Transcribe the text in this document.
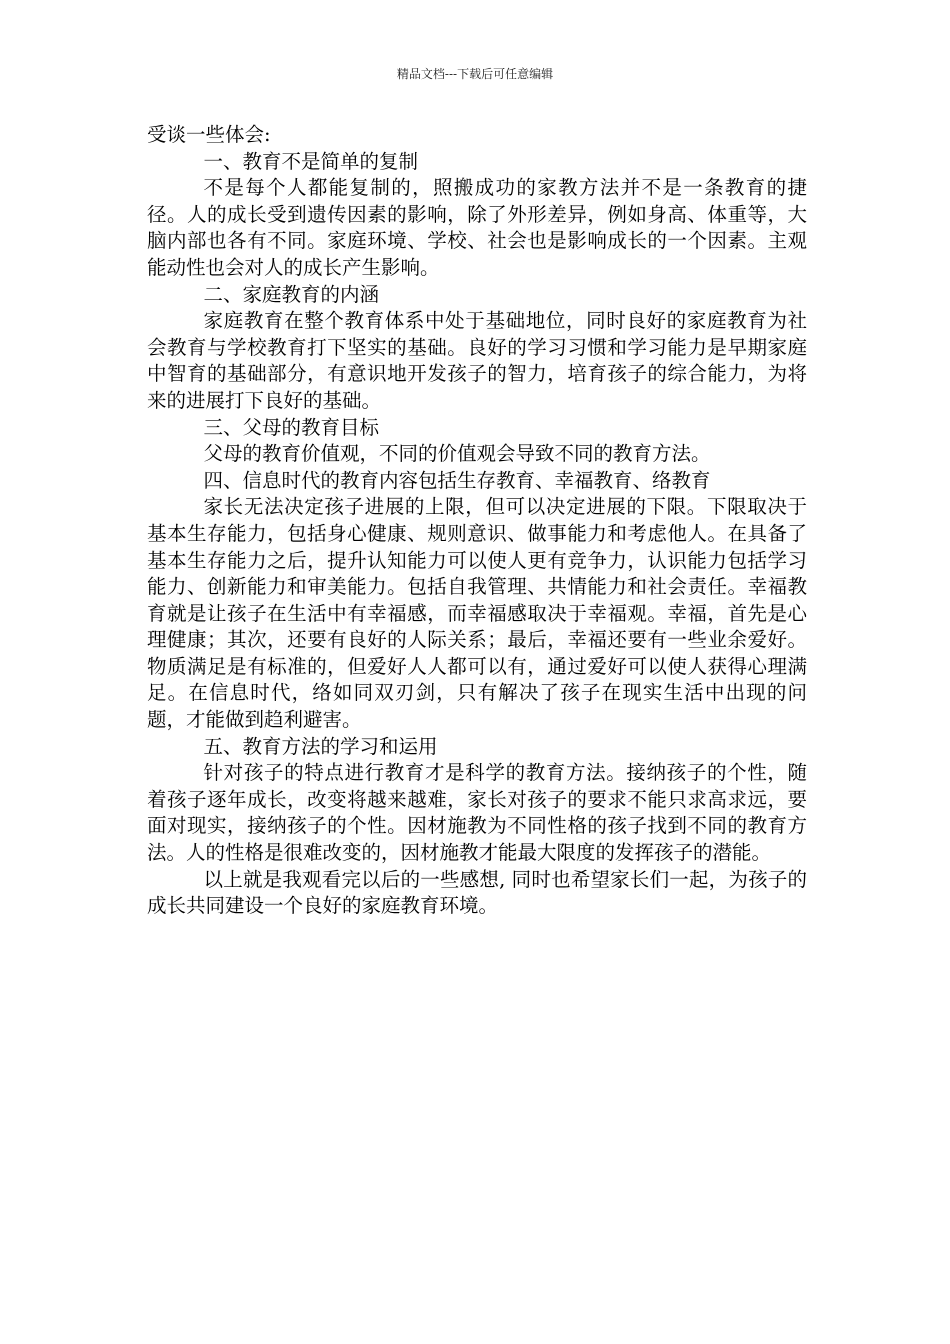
精品文档---下载后可任意编辑

受谈一些体会:

一、教育不是简单的复制

不是每个人都能复制的，照搬成功的家教方法并不是一条教育的捷径。人的成长受到遗传因素的影响，除了外形差异，例如身高、体重等，大脑内部也各有不同。家庭环境、学校、社会也是影响成长的一个因素。主观能动性也会对人的成长产生影响。

二、家庭教育的内涵

家庭教育在整个教育体系中处于基础地位，同时良好的家庭教育为社会教育与学校教育打下坚实的基础。良好的学习习惯和学习能力是早期家庭中智育的基础部分，有意识地开发孩子的智力，培育孩子的综合能力，为将来的进展打下良好的基础。

三、父母的教育目标

父母的教育价值观，不同的价值观会导致不同的教育方法。

四、信息时代的教育内容包括生存教育、幸福教育、络教育

家长无法决定孩子进展的上限，但可以决定进展的下限。下限取决于基本生存能力，包括身心健康、规则意识、做事能力和考虑他人。在具备了基本生存能力之后，提升认知能力可以使人更有竞争力，认识能力包括学习能力、创新能力和审美能力。包括自我管理、共情能力和社会责任。幸福教育就是让孩子在生活中有幸福感，而幸福感取决于幸福观。幸福，首先是心理健康；其次，还要有良好的人际关系；最后，幸福还要有一些业余爱好。物质满足是有标准的，但爱好人人都可以有，通过爱好可以使人获得心理满足。在信息时代，络如同双刃剑，只有解决了孩子在现实生活中出现的问题，才能做到趋利避害。

五、教育方法的学习和运用

针对孩子的特点进行教育才是科学的教育方法。接纳孩子的个性，随着孩子逐年成长，改变将越来越难，家长对孩子的要求不能只求高求远，要面对现实，接纳孩子的个性。因材施教为不同性格的孩子找到不同的教育方法。人的性格是很难改变的，因材施教才能最大限度的发挥孩子的潜能。

以上就是我观看完以后的一些感想, 同时也希望家长们一起，为孩子的成长共同建设一个良好的家庭教育环境。
